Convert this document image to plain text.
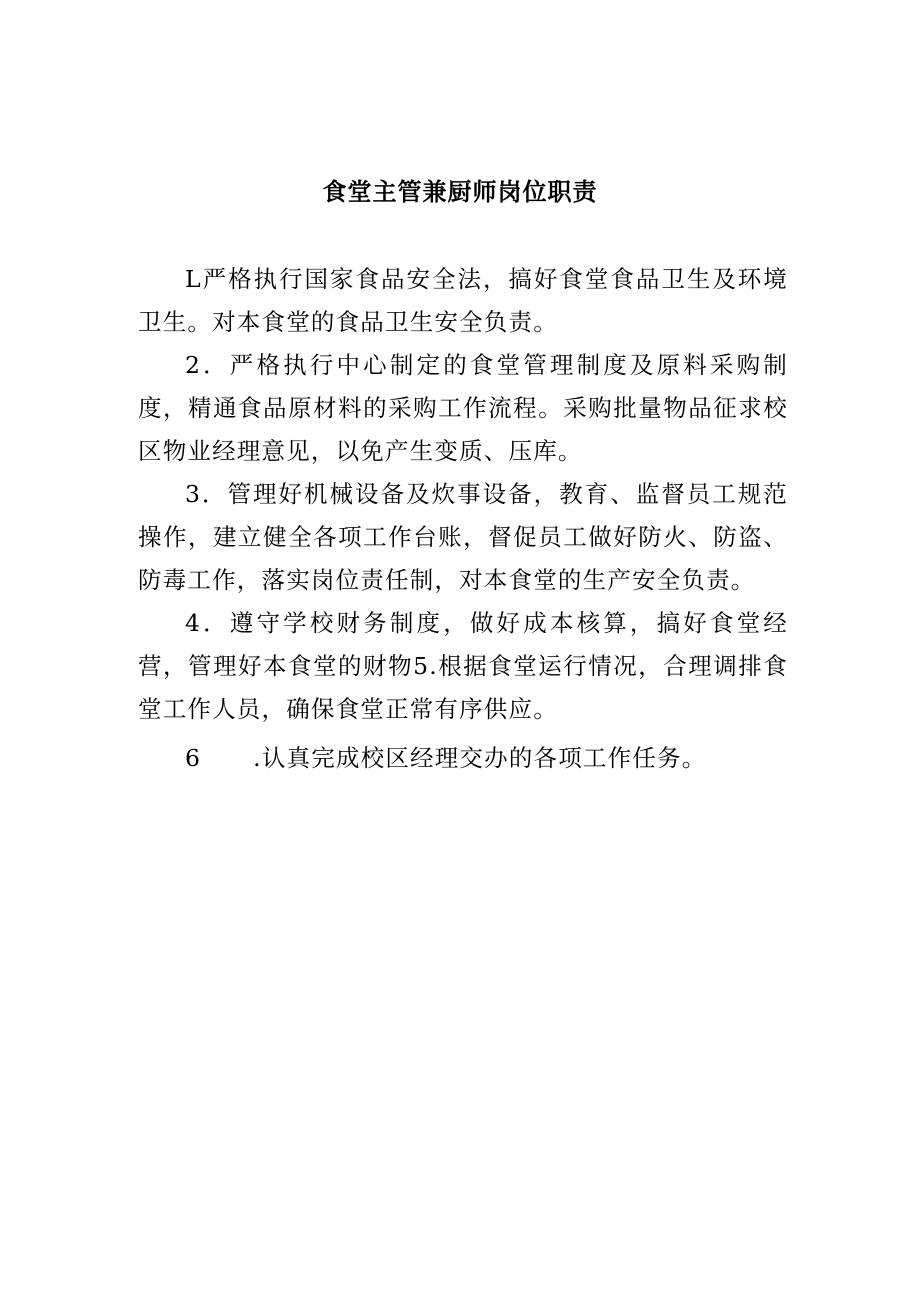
食堂主管兼厨师岗位职责

L严格执行国家食品安全法，搞好食堂食品卫生及环境卫生。对本食堂的食品卫生安全负责。

2．严格执行中心制定的食堂管理制度及原料采购制度，精通食品原材料的采购工作流程。采购批量物品征求校区物业经理意见，以免产生变质、压库。

3．管理好机械设备及炊事设备，教育、监督员工规范操作，建立健全各项工作台账，督促员工做好防火、防盗、防毒工作，落实岗位责任制，对本食堂的生产安全负责。

4．遵守学校财务制度，做好成本核算，搞好食堂经营，管理好本食堂的财物5.根据食堂运行情况，合理调排食堂工作人员，确保食堂正常有序供应。

6 .认真完成校区经理交办的各项工作任务。
